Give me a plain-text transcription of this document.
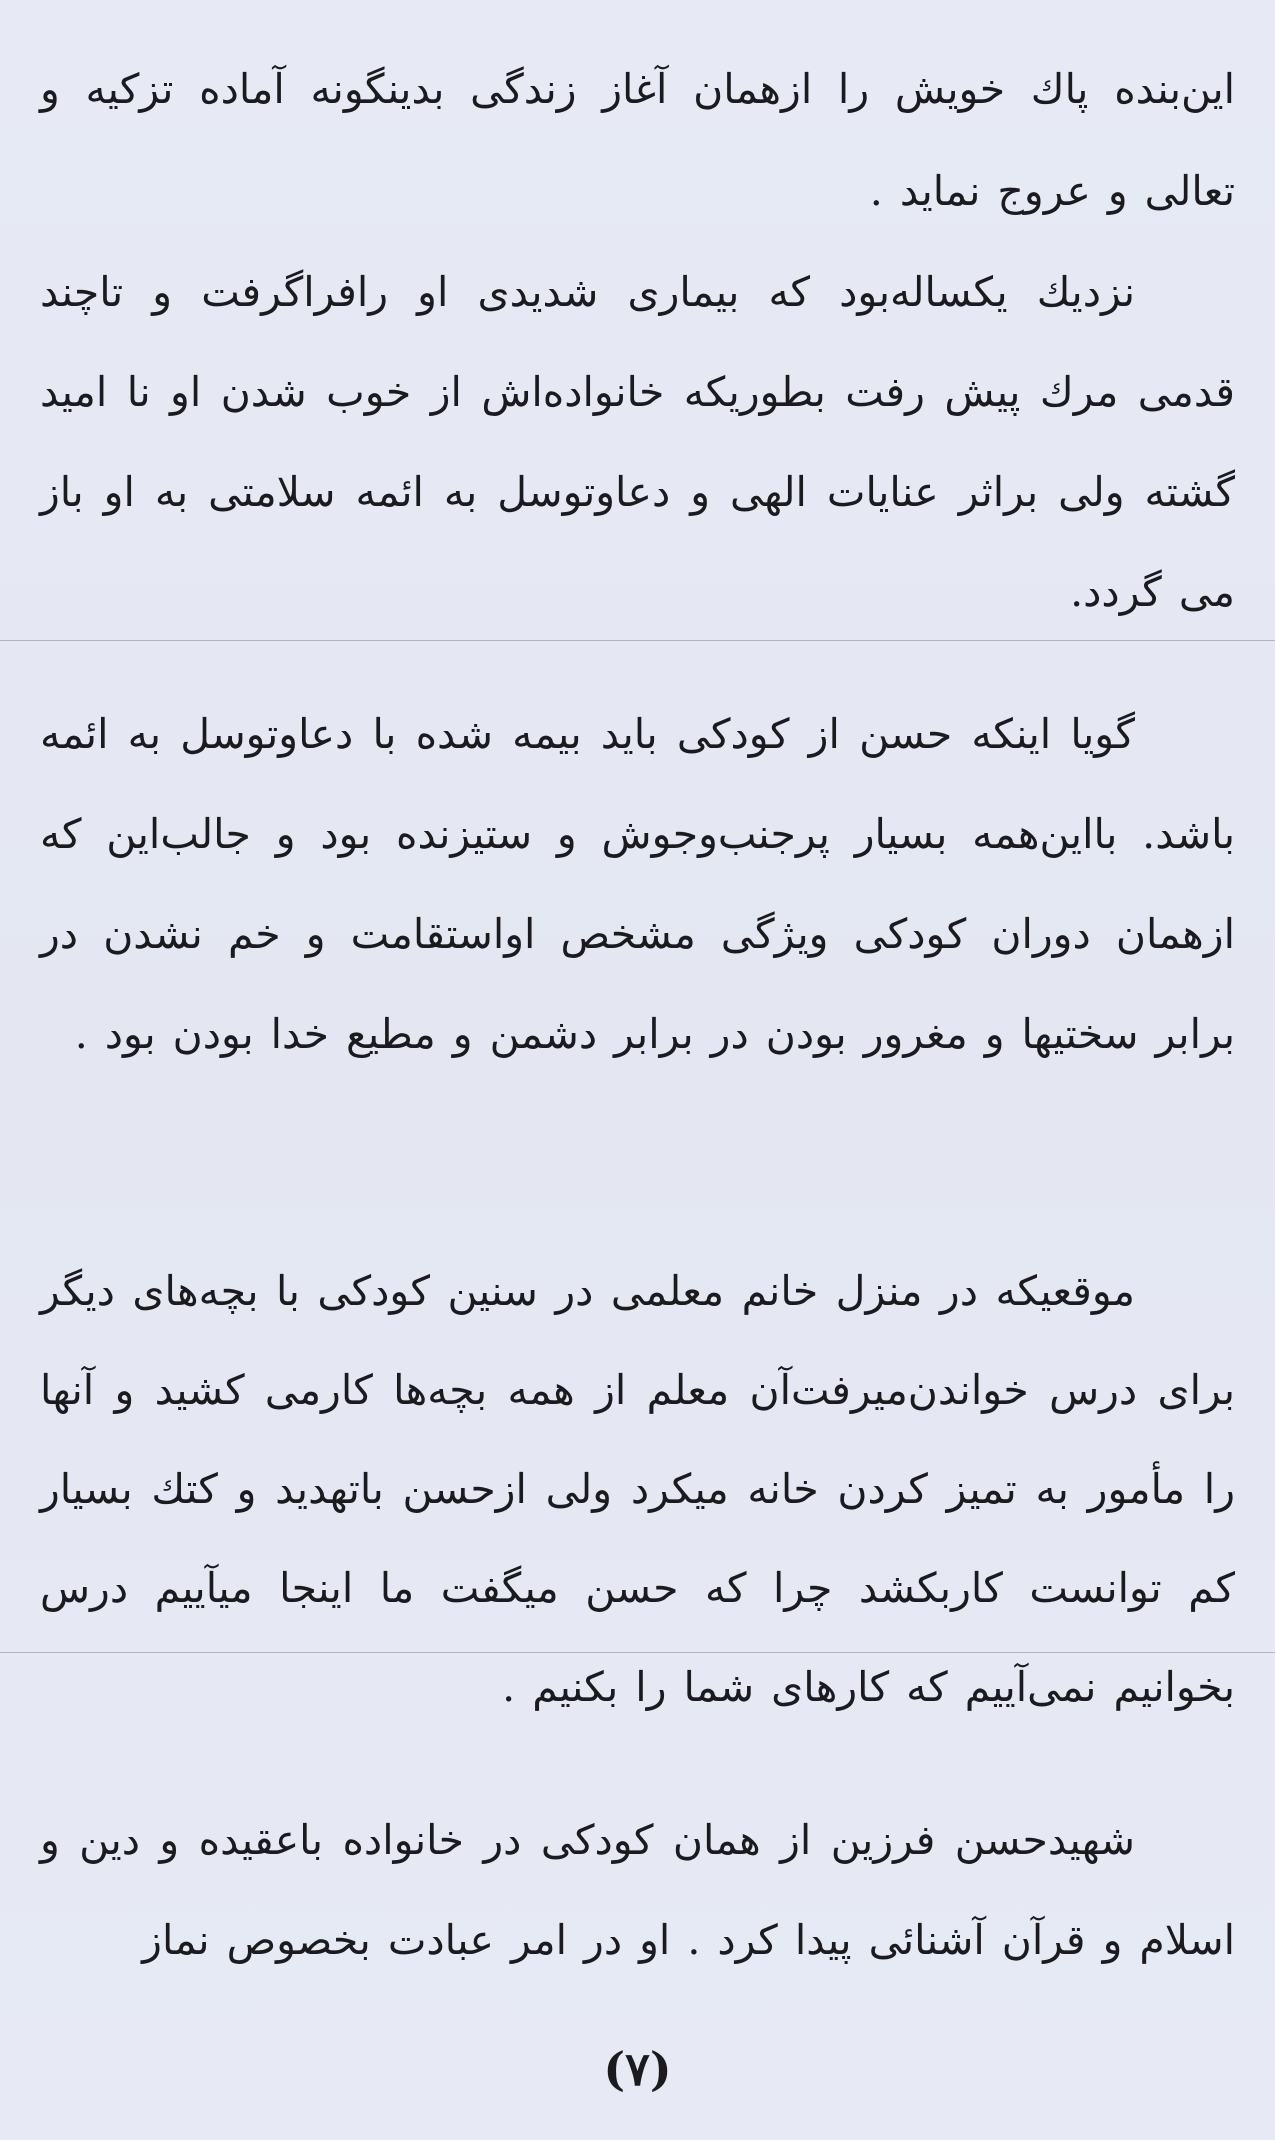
این‌بنده پاك خویش را ازهمان آغاز زندگی بدینگونه آماده تزکیه و تعالی و عروج نماید .

نزدیك یکساله‌بود که بیماری شدیدی او رافراگرفت و تاچند قدمی مرك پیش رفت بطوریکه خانواده‌اش از خوب شدن او نا امید گشته ولی براثر عنایات الهی و دعاوتوسل به ائمه سلامتی به او باز می گردد.

گویا اینکه حسن از کودکی باید بیمه شده با دعاوتوسل به ائمه باشد. بااین‌همه بسیار پرجنب‌وجوش و ستیزنده بود و جالب‌این که ازهمان دوران کودکی ویژگی مشخص اواستقامت و خم نشدن در برابر سختیها و مغرور بودن در برابر دشمن و مطیع خدا بودن بود .

موقعیکه در منزل خانم معلمی در سنین کودکی با بچه‌های دیگر برای درس خواندن‌میرفت‌آن معلم از همه بچه‌ها کارمی کشید و آنها را مأمور به تمیز کردن خانه میکرد ولی ازحسن باتهدید و کتك بسیار کم توانست کاربکشد چرا که حسن میگفت ما اینجا میآییم درس بخوانیم نمی‌آییم که کارهای شما را بکنیم .

شهیدحسن فرزین از همان کودکی در خانواده باعقیده و دین و اسلام و قرآن آشنائی پیدا کرد . او در امر عبادت بخصوص نماز

(۷)
